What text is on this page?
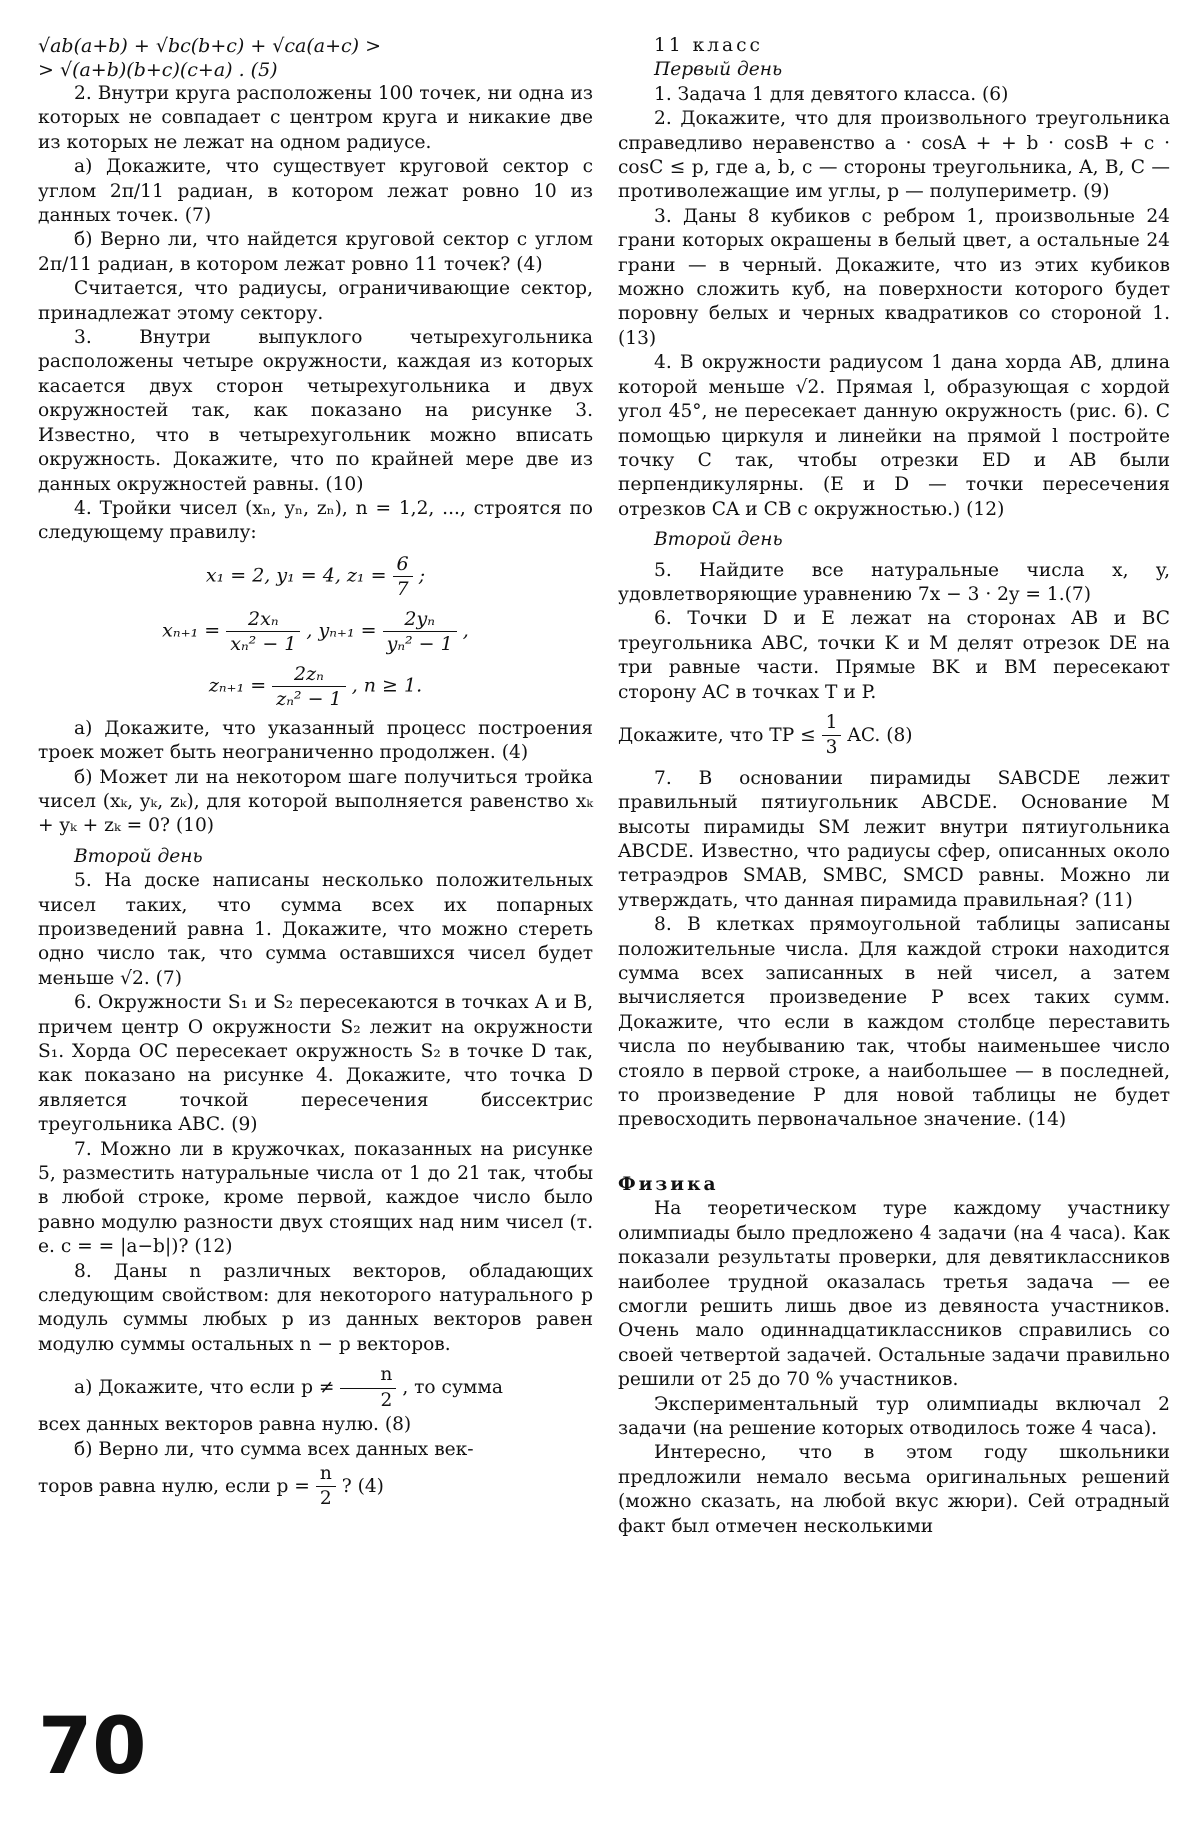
√ab(a+b) + √bc(b+c) + √ca(a+c) >

> √(a+b)(b+c)(c+a) . (5)

2. Внутри круга расположены 100 точек, ни одна из которых не совпадает с центром круга и никакие две из которых не лежат на одном радиусе.

а) Докажите, что существует круговой сектор с углом 2π/11 радиан, в котором лежат ровно 10 из данных точек. (7)

б) Верно ли, что найдется круговой сектор с углом 2π/11 радиан, в котором лежат ровно 11 точек? (4)

Считается, что радиусы, ограничивающие сектор, принадлежат этому сектору.

3. Внутри выпуклого четырехугольника расположены четыре окружности, каждая из которых касается двух сторон четырехугольника и двух окружностей так, как показано на рисунке 3. Известно, что в четырехугольник можно вписать окружность. Докажите, что по крайней мере две из данных окружностей равны. (10)

4. Тройки чисел (xₙ, yₙ, zₙ), n = 1,2, ..., строятся по следующему правилу:

x₁ = 2, y₁ = 4, $z_1 = \frac{6}{7}$ ;
$x_{n+1} = \frac{\text{2xₙ}}{\text{xₙ² − 1}}$ , $y_{n+1} = \frac{\text{2yₙ}}{\text{yₙ² − 1}}$ ,
$z_{n+1} = \frac{\text{2zₙ}}{\text{zₙ² − 1}}$ , n ≥ 1.

а) Докажите, что указанный процесс построения троек может быть неограниченно продолжен. (4)

б) Может ли на некотором шаге получиться тройка чисел (xₖ, yₖ, zₖ), для которой выполняется равенство xₖ + yₖ + zₖ = 0? (10)

Второй день

5. На доске написаны несколько положительных чисел таких, что сумма всех их попарных произведений равна 1. Докажите, что можно стереть одно число так, что сумма оставшихся чисел будет меньше √2. (7)

6. Окружности S₁ и S₂ пересекаются в точках A и B, причем центр O окружности S₂ лежит на окружности S₁. Хорда OC пересекает окружность S₂ в точке D так, как показано на рисунке 4. Докажите, что точка D является точкой пересечения биссектрис треугольника ABC. (9)

7. Можно ли в кружочках, показанных на рисунке 5, разместить натуральные числа от 1 до 21 так, чтобы в любой строке, кроме первой, каждое число было равно модулю разности двух стоящих над ним чисел (т. е. c = = |a−b|)? (12)

8. Даны n различных векторов, обладающих следующим свойством: для некоторого натурального p модуль суммы любых p из данных векторов равен модулю суммы остальных n − p векторов.

а) Докажите, что если $p \ne \frac{n}{2}$ , то сумма

всех данных векторов равна нулю. (8)

б) Верно ли, что сумма всех данных век-

торов равна нулю, если $p = \frac{n}{2}$ ? (4)

11 класс

Первый день

1. Задача 1 для девятого класса. (6)

2. Докажите, что для произвольного треугольника справедливо неравенство a · cosA + + b · cosB + c · cosC ≤ p, где a, b, c — стороны треугольника, A, B, C — противолежащие им углы, p — полупериметр. (9)

3. Даны 8 кубиков с ребром 1, произвольные 24 грани которых окрашены в белый цвет, а остальные 24 грани — в черный. Докажите, что из этих кубиков можно сложить куб, на поверхности которого будет поровну белых и черных квадратиков со стороной 1. (13)

4. В окружности радиусом 1 дана хорда AB, длина которой меньше √2. Прямая l, образующая с хордой угол 45°, не пересекает данную окружность (рис. 6). С помощью циркуля и линейки на прямой l постройте точку C так, чтобы отрезки ED и AB были перпендикулярны. (E и D — точки пересечения отрезков CA и CB с окружностью.) (12)

Второй день

5. Найдите все натуральные числа x, y, удовлетворяющие уравнению 7x − 3 · 2y = 1.(7)

6. Точки D и E лежат на сторонах AB и BC треугольника ABC, точки K и M делят отрезок DE на три равные части. Прямые BK и BM пересекают сторону AC в точках T и P.

Докажите, что TP ≤ $\frac{1}{3}$ AC. (8)

7. В основании пирамиды SABCDE лежит правильный пятиугольник ABCDE. Основание M высоты пирамиды SM лежит внутри пятиугольника ABCDE. Известно, что радиусы сфер, описанных около тетраэдров SMAB, SMBC, SMCD равны. Можно ли утверждать, что данная пирамида правильная? (11)

8. В клетках прямоугольной таблицы записаны положительные числа. Для каждой строки находится сумма всех записанных в ней чисел, а затем вычисляется произведение P всех таких сумм. Докажите, что если в каждом столбце переставить числа по неубыванию так, чтобы наименьшее число стояло в первой строке, а наибольшее — в последней, то произведение P для новой таблицы не будет превосходить первоначальное значение. (14)

Физика

На теоретическом туре каждому участнику олимпиады было предложено 4 задачи (на 4 часа). Как показали результаты проверки, для девятиклассников наиболее трудной оказалась третья задача — ее смогли решить лишь двое из девяноста участников. Очень мало одиннадцатиклассников справились со своей четвертой задачей. Остальные задачи правильно решили от 25 до 70 % участников.

Экспериментальный тур олимпиады включал 2 задачи (на решение которых отводилось тоже 4 часа).

Интересно, что в этом году школьники предложили немало весьма оригинальных решений (можно сказать, на любой вкус жюри). Сей отрадный факт был отмечен несколькими

70
